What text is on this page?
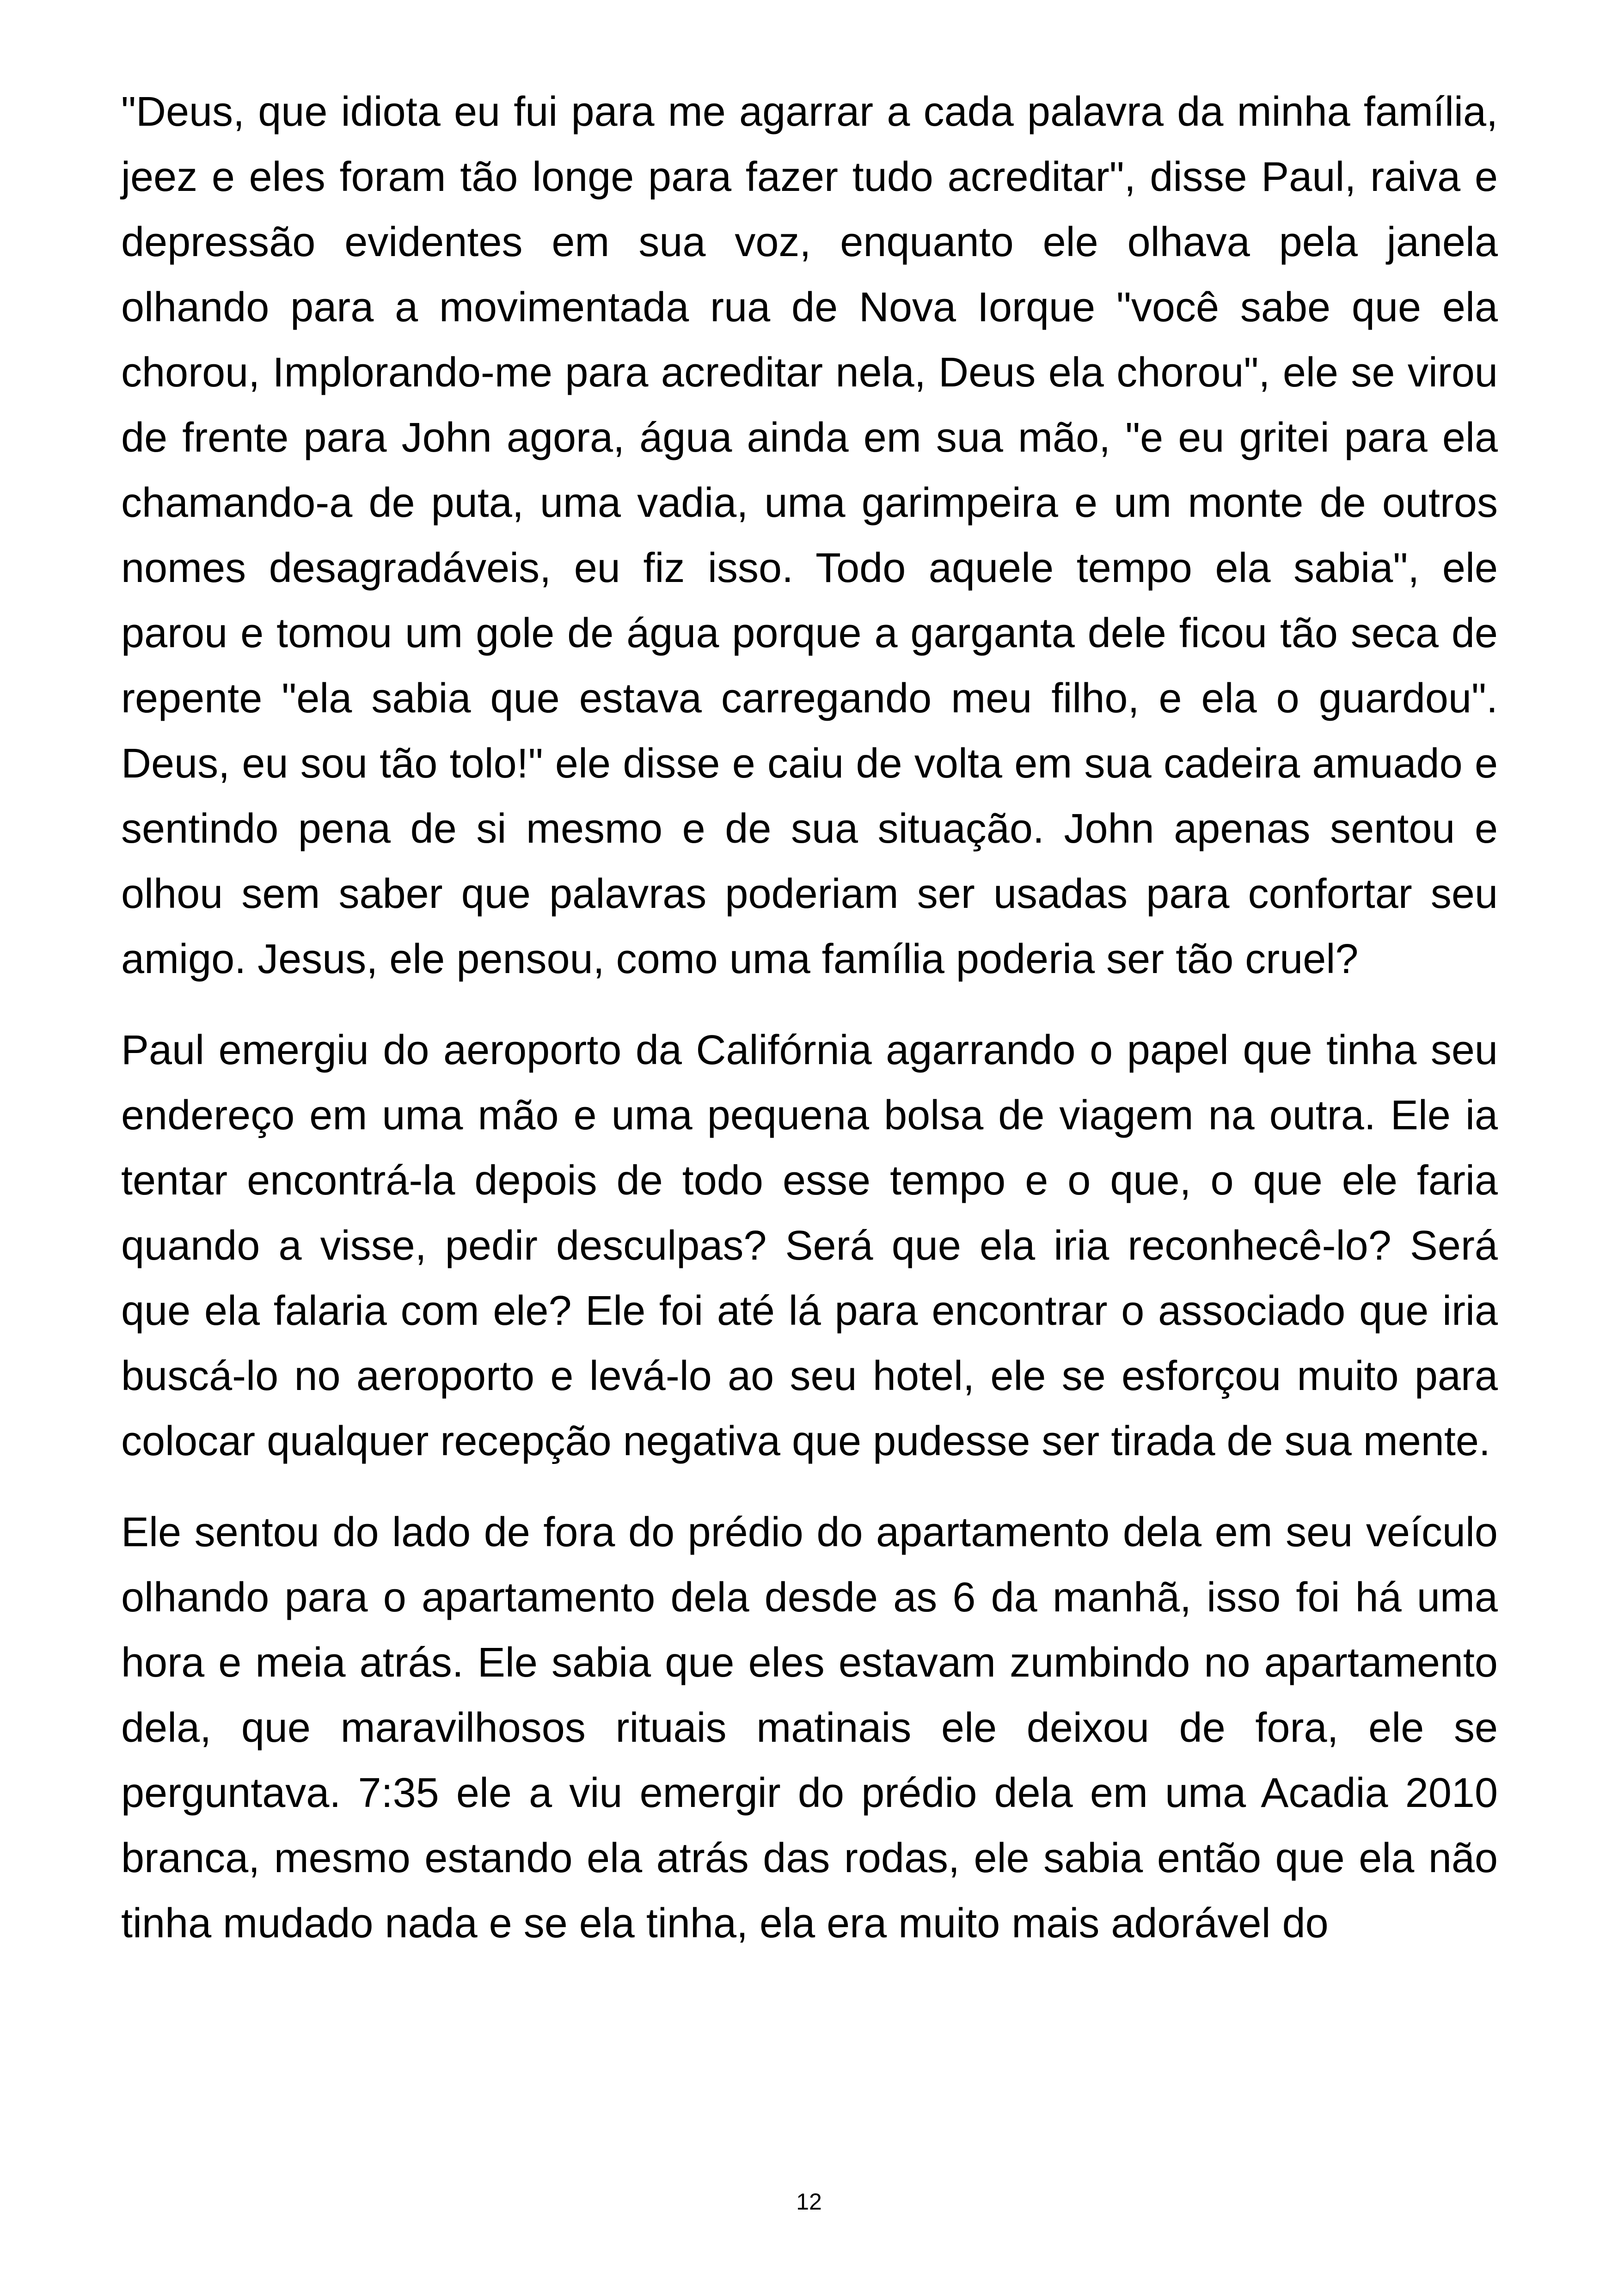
"Deus, que idiota eu fui para me agarrar a cada palavra da minha família, jeez e eles foram tão longe para fazer tudo acreditar", disse Paul, raiva e depressão evidentes em sua voz, enquanto ele olhava pela janela olhando para a movimentada rua de Nova Iorque "você sabe que ela chorou, Implorando-me para acreditar nela, Deus ela chorou", ele se virou de frente para John agora, água ainda em sua mão, "e eu gritei para ela chamando-a de puta, uma vadia, uma garimpeira e um monte de outros nomes desagradáveis, eu fiz isso. Todo aquele tempo ela sabia", ele parou e tomou um gole de água porque a garganta dele ficou tão seca de repente "ela sabia que estava carregando meu filho, e ela o guardou". Deus, eu sou tão tolo!" ele disse e caiu de volta em sua cadeira amuado e sentindo pena de si mesmo e de sua situação. John apenas sentou e olhou sem saber que palavras poderiam ser usadas para confortar seu amigo. Jesus, ele pensou, como uma família poderia ser tão cruel?

Paul emergiu do aeroporto da Califórnia agarrando o papel que tinha seu endereço em uma mão e uma pequena bolsa de viagem na outra. Ele ia tentar encontrá-la depois de todo esse tempo e o que, o que ele faria quando a visse, pedir desculpas? Será que ela iria reconhecê-lo? Será que ela falaria com ele? Ele foi até lá para encontrar o associado que iria buscá-lo no aeroporto e levá-lo ao seu hotel, ele se esforçou muito para colocar qualquer recepção negativa que pudesse ser tirada de sua mente.

Ele sentou do lado de fora do prédio do apartamento dela em seu veículo olhando para o apartamento dela desde as 6 da manhã, isso foi há uma hora e meia atrás. Ele sabia que eles estavam zumbindo no apartamento dela, que maravilhosos rituais matinais ele deixou de fora, ele se perguntava. 7:35 ele a viu emergir do prédio dela em uma Acadia 2010 branca, mesmo estando ela atrás das rodas, ele sabia então que ela não tinha mudado nada e se ela tinha, ela era muito mais adorável do

12
